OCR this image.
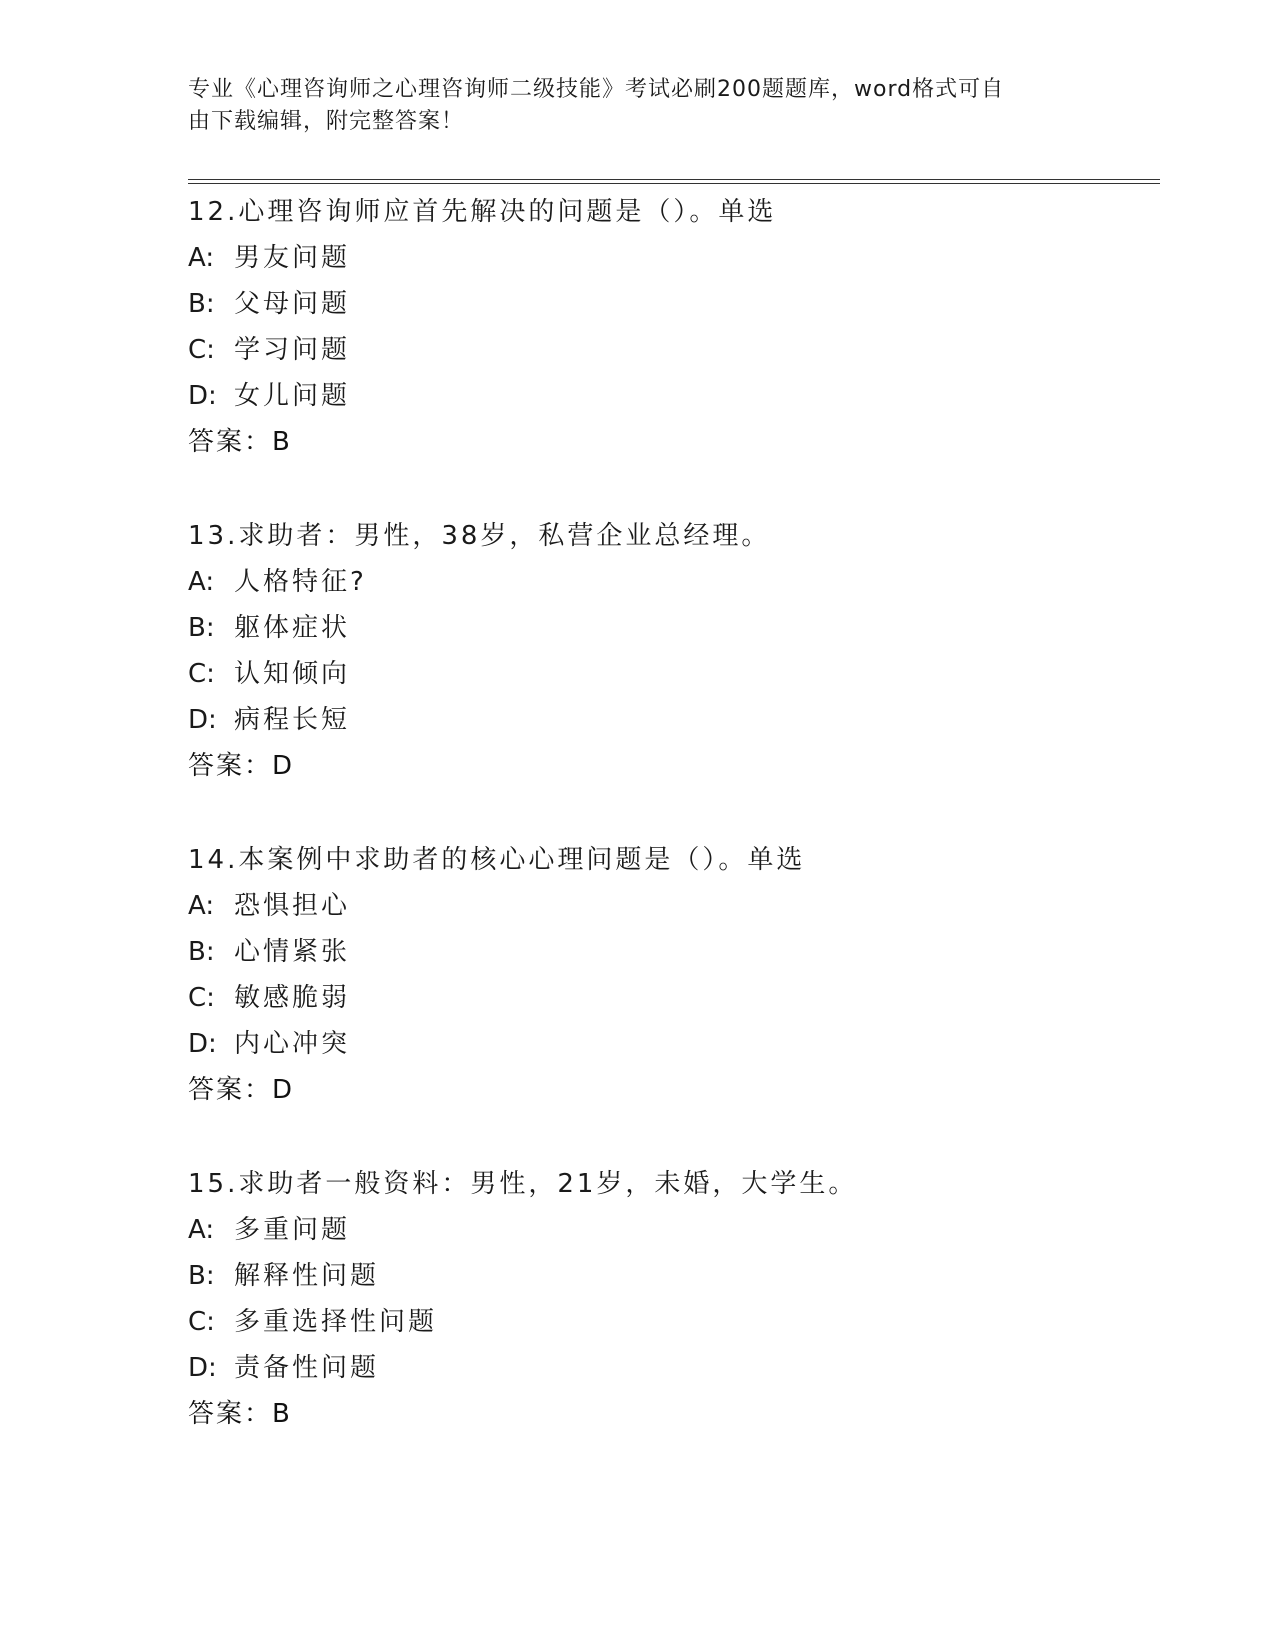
专业《心理咨询师之心理咨询师二级技能》考试必刷200题题库，word格式可自
由下载编辑，附完整答案！
12.心理咨询师应首先解决的问题是（）。单选
A: 男友问题
B: 父母问题
C: 学习问题
D: 女儿问题
答案：B
13.求助者：男性，38岁，私营企业总经理。
A: 人格特征?
B: 躯体症状
C: 认知倾向
D: 病程长短
答案：D
14.本案例中求助者的核心心理问题是（）。单选
A: 恐惧担心
B: 心情紧张
C: 敏感脆弱
D: 内心冲突
答案：D
15.求助者一般资料：男性，21岁，未婚，大学生。
A: 多重问题
B: 解释性问题
C: 多重选择性问题
D: 责备性问题
答案：B
